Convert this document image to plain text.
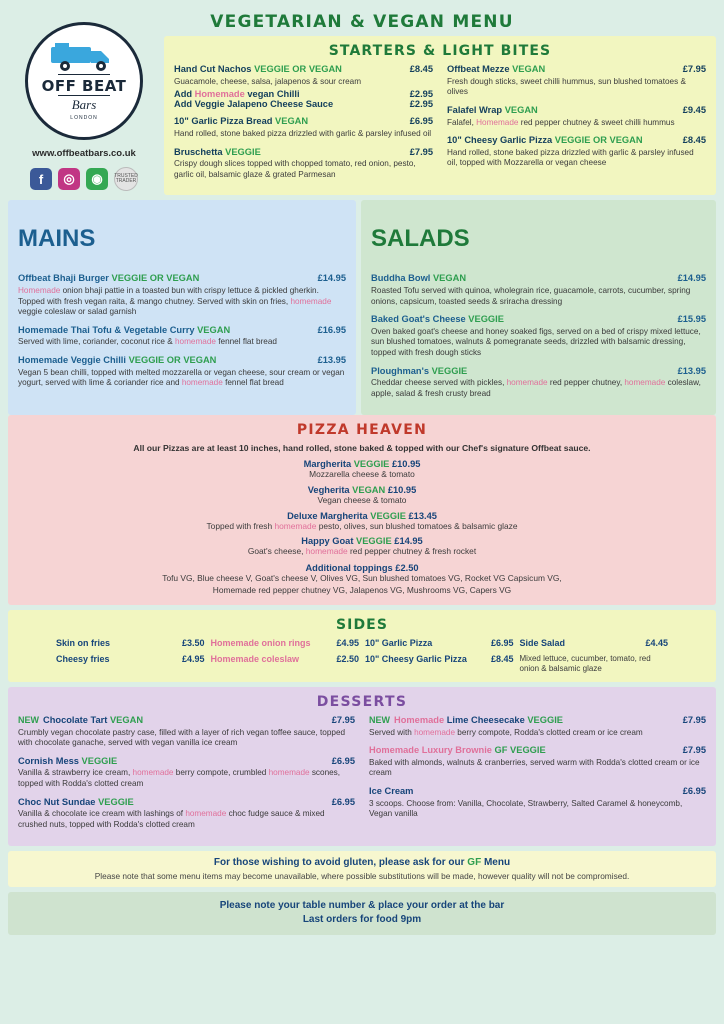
VEGETARIAN & VEGAN MENU
OFF BEAT
Bars
LONDON
www.offbeatbars.co.uk
f	◎	◉	TRUSTED TRADER
STARTERS & LIGHT BITES
Hand Cut Nachos VEGGIE OR VEGAN	£8.45
Guacamole, cheese, salsa, jalapenos & sour cream
Add Homemade vegan Chilli	£2.95
Add Veggie Jalapeno Cheese Sauce	£2.95
10" Garlic Pizza Bread VEGAN	£6.95
Hand rolled, stone baked pizza drizzled with garlic & parsley infused oil
Bruschetta VEGGIE	£7.95
Crispy dough slices topped with chopped tomato, red onion, pesto, garlic oil, balsamic glaze & grated Parmesan
Offbeat Mezze VEGAN	£7.95
Fresh dough sticks, sweet chilli hummus, sun blushed tomatoes & olives
Falafel Wrap VEGAN	£9.45
Falafel, Homemade red pepper chutney & sweet chilli hummus
10" Cheesy Garlic Pizza VEGGIE OR VEGAN	£8.45
Hand rolled, stone baked pizza drizzled with garlic & parsley infused oil, topped with Mozzarella or vegan cheese
MAINS
Offbeat Bhaji Burger VEGGIE OR VEGAN	£14.95
Homemade onion bhaji pattie in a toasted bun with crispy lettuce & pickled gherkin. Topped with fresh vegan raita, & mango chutney. Served with skin on fries, homemade veggie coleslaw or salad garnish
Homemade Thai Tofu & Vegetable Curry VEGAN	£16.95
Served with lime, coriander, coconut rice & homemade fennel flat bread
Homemade Veggie Chilli VEGGIE OR VEGAN	£13.95
Vegan 5 bean chilli, topped with melted mozzarella or vegan cheese, sour cream or vegan yogurt, served with lime & coriander rice and homemade fennel flat bread
SALADS
Buddha Bowl VEGAN	£14.95
Roasted Tofu served with quinoa, wholegrain rice, guacamole, carrots, cucumber, spring onions, capsicum, toasted seeds & sriracha dressing
Baked Goat's Cheese VEGGIE	£15.95
Oven baked goat's cheese and honey soaked figs, served on a bed of crispy mixed lettuce, sun blushed tomatoes, walnuts & pomegranate seeds, drizzled with balsamic dressing, topped with fresh dough sticks
Ploughman's VEGGIE	£13.95
Cheddar cheese served with pickles, homemade red pepper chutney, homemade coleslaw, apple, salad & fresh crusty bread
PIZZA HEAVEN
All our Pizzas are at least 10 inches, hand rolled, stone baked & topped with our Chef's signature Offbeat sauce.
Margherita VEGGIE £10.95
Mozzarella cheese & tomato
Vegherita VEGAN £10.95
Vegan cheese & tomato
Deluxe Margherita VEGGIE £13.45
Topped with fresh homemade pesto, olives, sun blushed tomatoes & balsamic glaze
Happy Goat VEGGIE £14.95
Goat's cheese, homemade red pepper chutney & fresh rocket
Additional toppings £2.50
Tofu VG, Blue cheese V, Goat's cheese V, Olives VG, Sun blushed tomatoes VG, Rocket VG Capsicum VG,
Homemade red pepper chutney VG, Jalapenos VG, Mushrooms VG, Capers VG
SIDES
Skin on fries	£3.50
Cheesy fries	£4.95
Homemade onion rings	£4.95
Homemade coleslaw	£2.50
10" Garlic Pizza	£6.95
10" Cheesy Garlic Pizza	£8.45
Side Salad	£4.45
Mixed lettuce, cucumber, tomato, red onion & balsamic glaze
DESSERTS
NEW Chocolate Tart VEGAN	£7.95
Crumbly vegan chocolate pastry case, filled with a layer of rich vegan toffee sauce, topped with chocolate ganache, served with vegan vanilla ice cream
Cornish Mess VEGGIE	£6.95
Vanilla & strawberry ice cream, homemade berry compote, crumbled homemade scones, topped with Rodda's clotted cream
Choc Nut Sundae VEGGIE	£6.95
Vanilla & chocolate ice cream with lashings of homemade choc fudge sauce & mixed crushed nuts, topped with Rodda's clotted cream
NEW Homemade Lime Cheesecake VEGGIE	£7.95
Served with homemade berry compote, Rodda's clotted cream or ice cream
Homemade Luxury Brownie GF VEGGIE	£7.95
Baked with almonds, walnuts & cranberries, served warm with Rodda's clotted cream or ice cream
Ice Cream	£6.95
3 scoops. Choose from: Vanilla, Chocolate, Strawberry, Salted Caramel & honeycomb, Vegan vanilla
For those wishing to avoid gluten, please ask for our GF Menu
Please note that some menu items may become unavailable, where possible substitutions will be made, however quality will not be compromised.
Please note your table number & place your order at the bar
Last orders for food 9pm
